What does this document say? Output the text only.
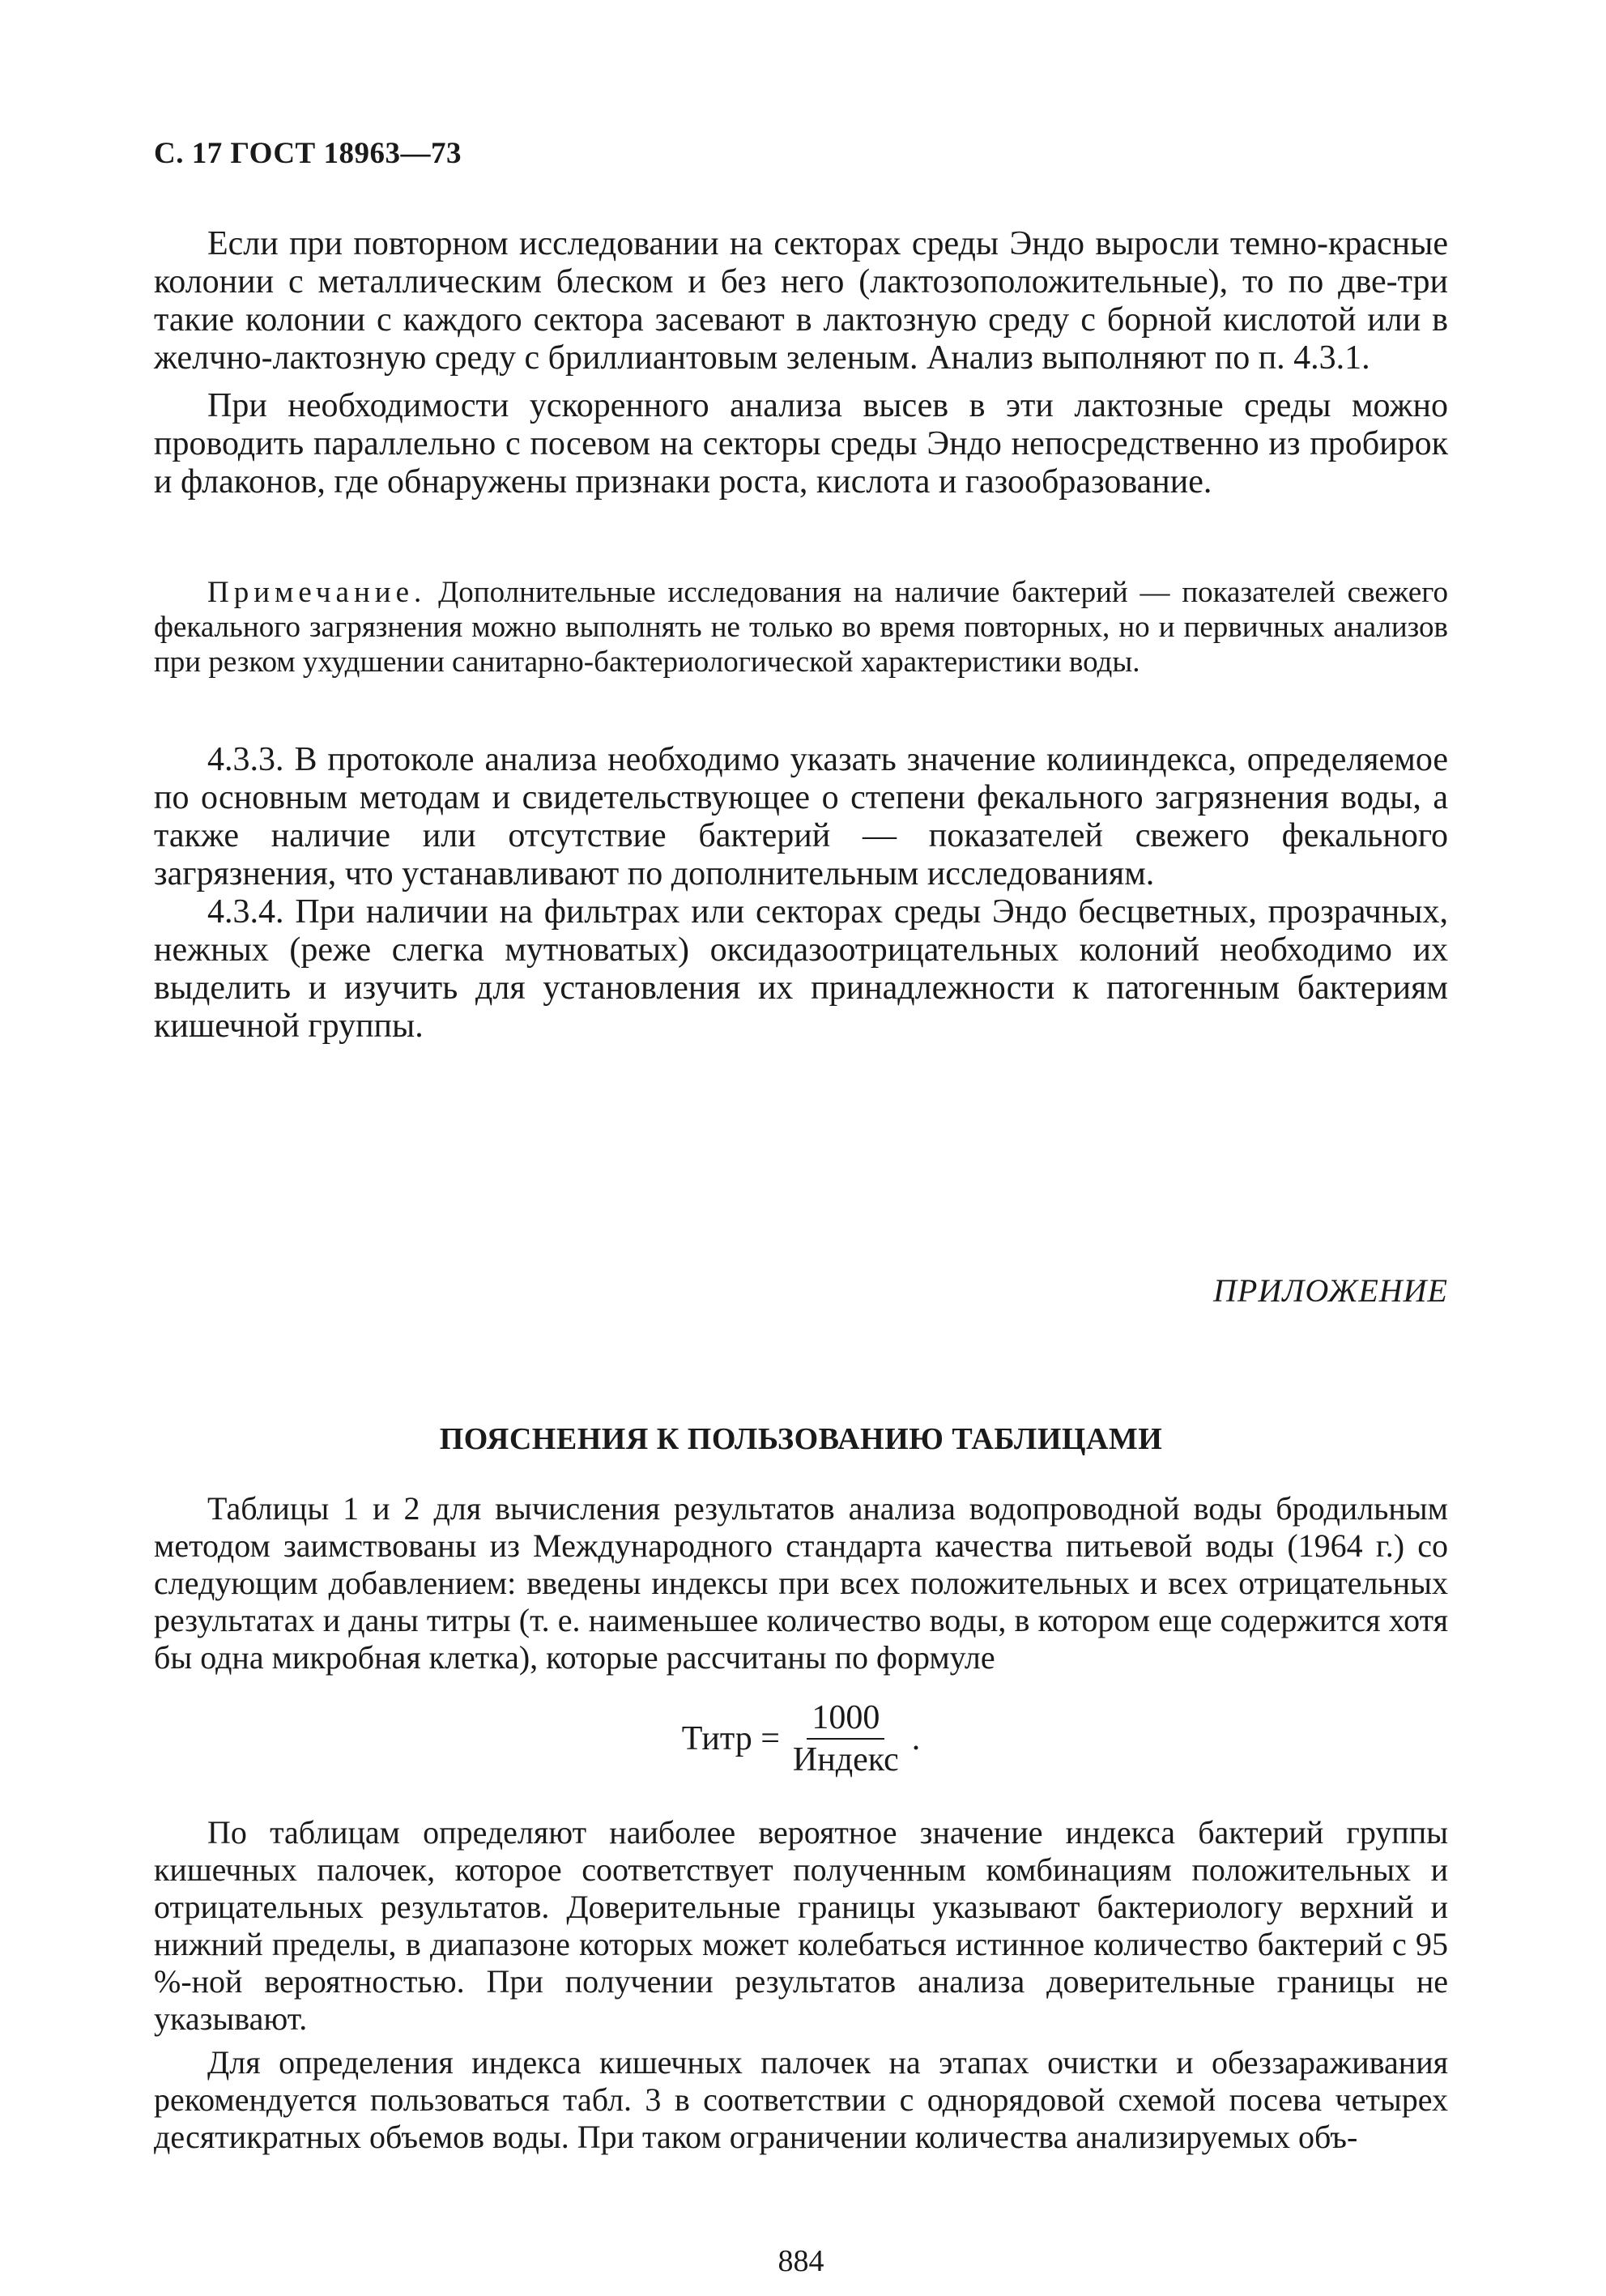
С. 17 ГОСТ 18963—73

Если при повторном исследовании на секторах среды Эндо выросли темно-красные колонии с металлическим блеском и без него (лактозоположительные), то по две-три такие колонии с каждого сектора засевают в лактозную среду с борной кислотой или в желчно-лактозную среду с бриллиантовым зеленым. Анализ выполняют по п. 4.3.1.

При необходимости ускоренного анализа высев в эти лактозные среды можно проводить параллельно с посевом на секторы среды Эндо непосредственно из пробирок и флаконов, где обнаружены признаки роста, кислота и газообразование.

Примечание. Дополнительные исследования на наличие бактерий — показателей свежего фекального загрязнения можно выполнять не только во время повторных, но и первичных анализов при резком ухудшении санитарно-бактериологической характеристики воды.

4.3.3. В протоколе анализа необходимо указать значение колииндекса, определяемое по основным методам и свидетельствующее о степени фекального загрязнения воды, а также наличие или отсутствие бактерий — показателей свежего фекального загрязнения, что устанавливают по дополнительным исследованиям.

4.3.4. При наличии на фильтрах или секторах среды Эндо бесцветных, прозрачных, нежных (реже слегка мутноватых) оксидазоотрицательных колоний необходимо их выделить и изучить для установления их принадлежности к патогенным бактериям кишечной группы.

ПРИЛОЖЕНИЕ
ПОЯСНЕНИЯ К ПОЛЬЗОВАНИЮ ТАБЛИЦАМИ

Таблицы 1 и 2 для вычисления результатов анализа водопроводной воды бродильным методом заимствованы из Международного стандарта качества питьевой воды (1964 г.) со следующим добавлением: введены индексы при всех положительных и всех отрицательных результатах и даны титры (т. е. наименьшее количество воды, в котором еще содержится хотя бы одна микробная клетка), которые рассчитаны по формуле

Титр = $\frac{1000}{\text{Индекс}}$ .

По таблицам определяют наиболее вероятное значение индекса бактерий группы кишечных палочек, которое соответствует полученным комбинациям положительных и отрицательных результатов. Доверительные границы указывают бактериологу верхний и нижний пределы, в диапазоне которых может колебаться истинное количество бактерий с 95 %-ной вероятностью. При получении результатов анализа доверительные границы не указывают.

Для определения индекса кишечных палочек на этапах очистки и обеззараживания рекомендуется пользоваться табл. 3 в соответствии с однорядовой схемой посева четырех десятикратных объемов воды. При таком ограничении количества анализируемых объ-

884
